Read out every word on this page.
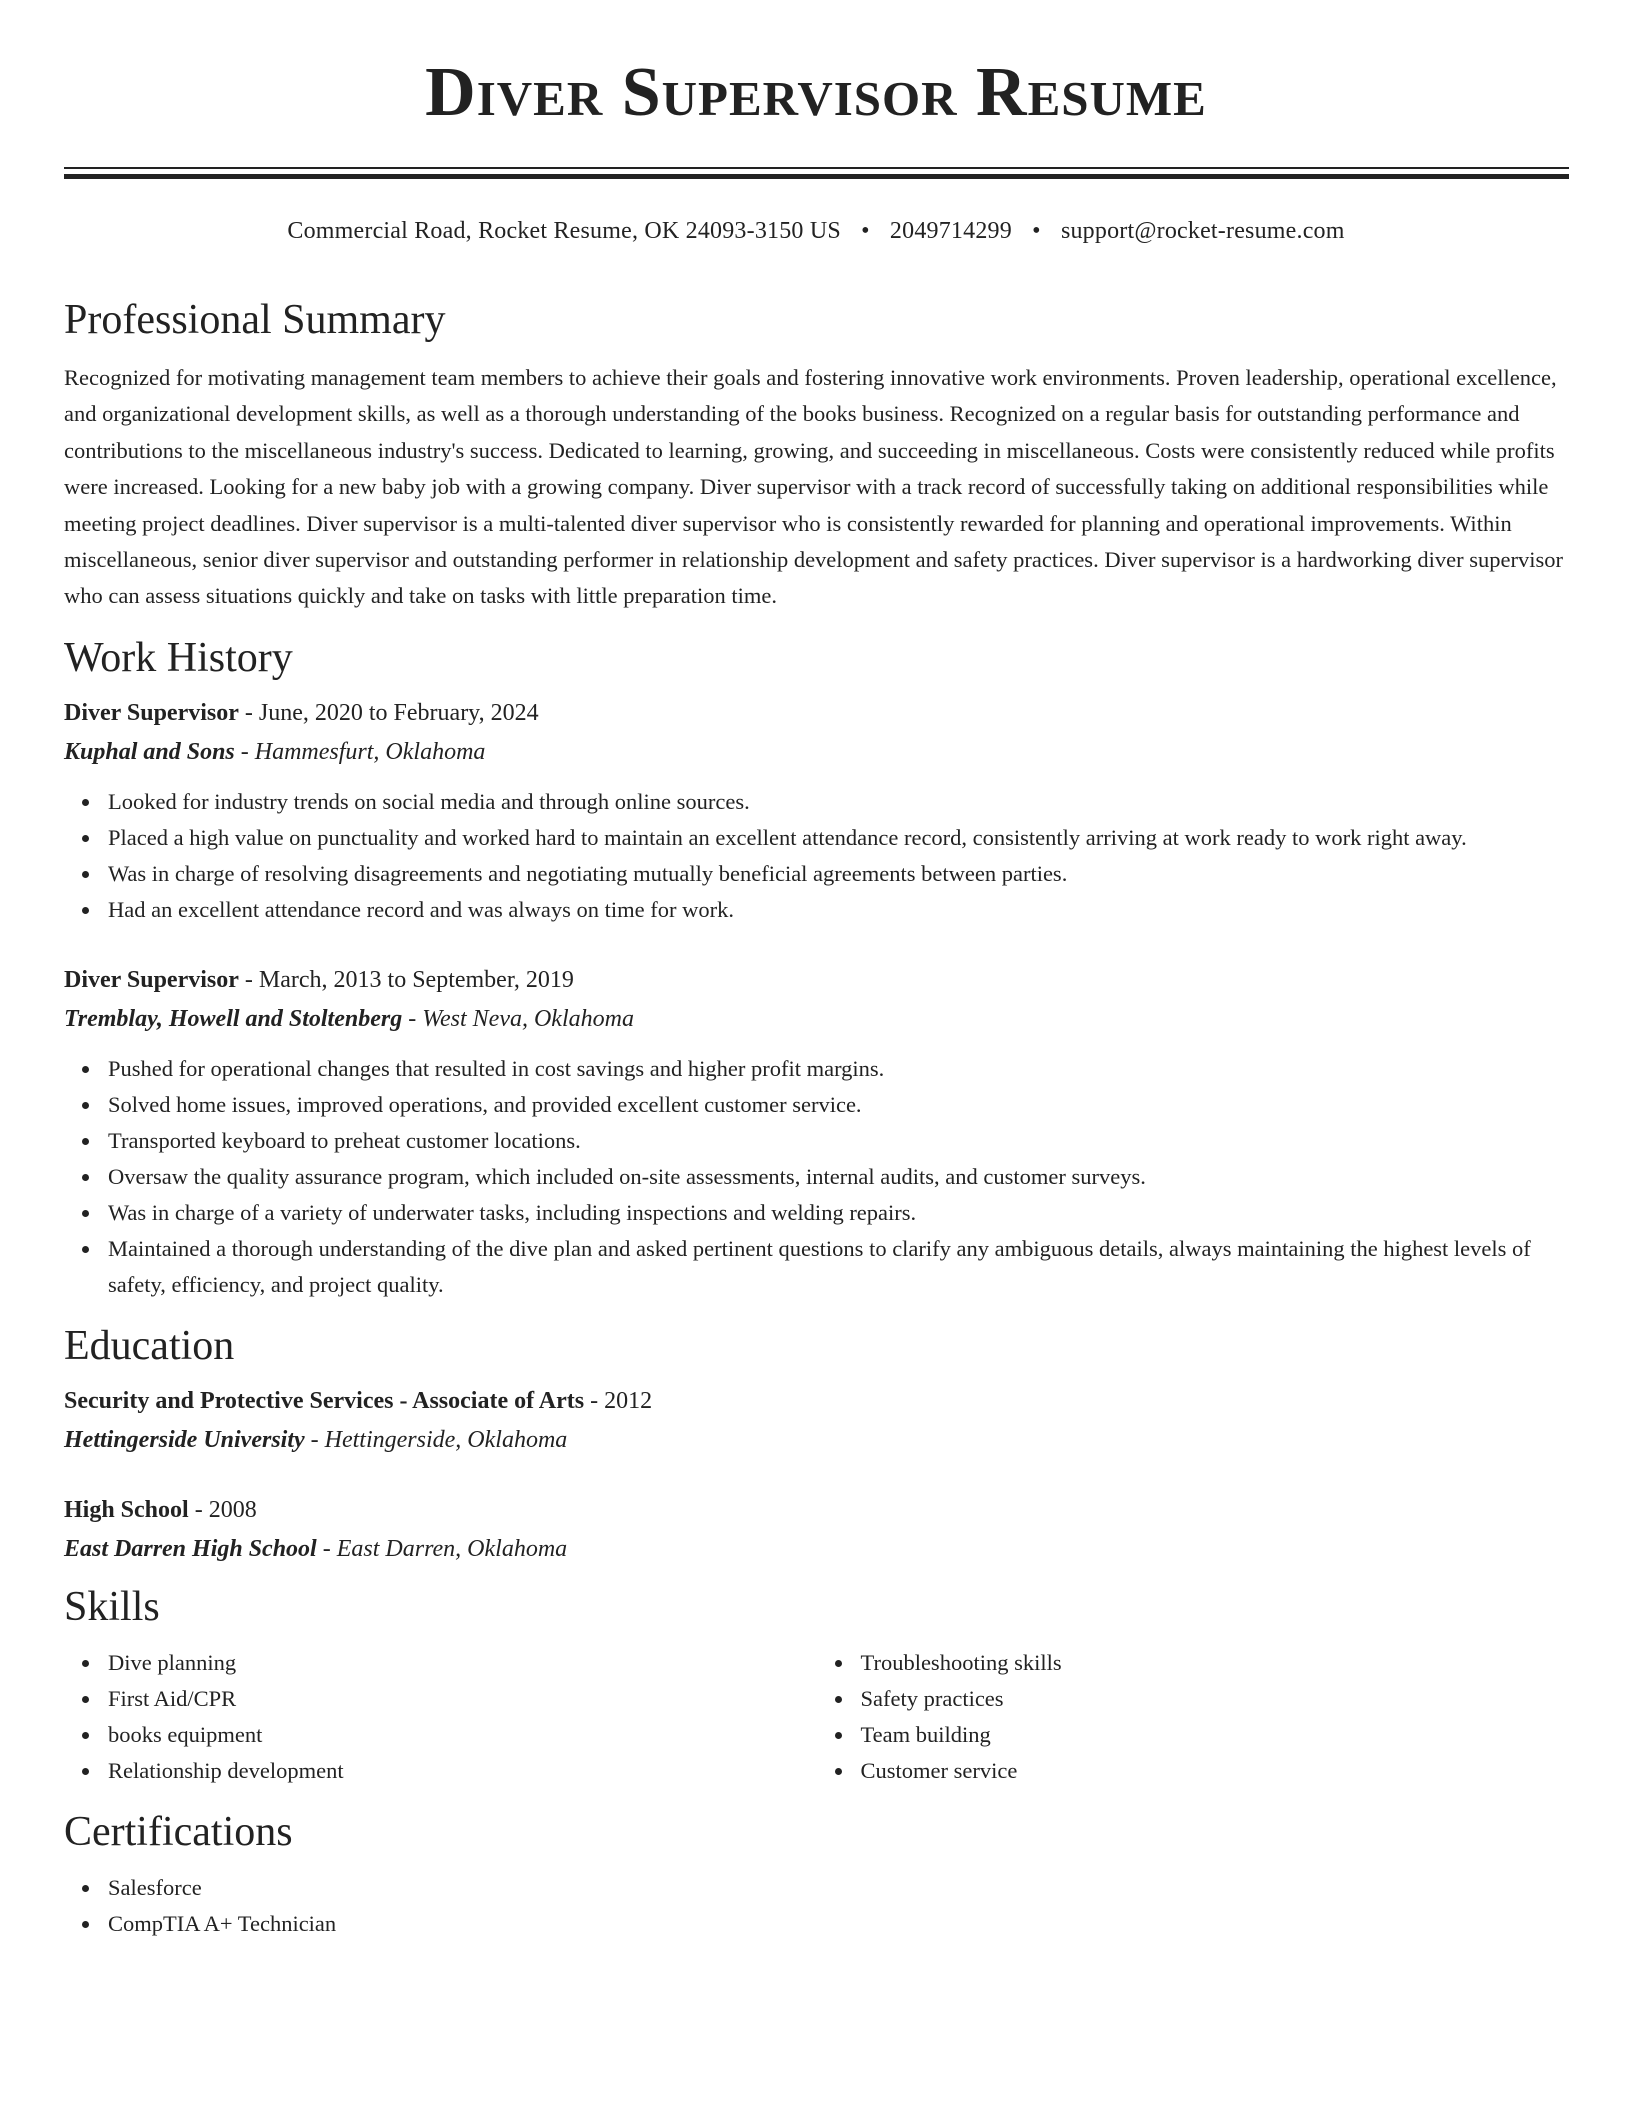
Diver Supervisor Resume
Commercial Road, Rocket Resume, OK 24093-3150 US • 2049714299 • support@rocket-resume.com
Professional Summary

Recognized for motivating management team members to achieve their goals and fostering innovative work environments. Proven leadership, operational excellence, and organizational development skills, as well as a thorough understanding of the books business. Recognized on a regular basis for outstanding performance and contributions to the miscellaneous industry's success. Dedicated to learning, growing, and succeeding in miscellaneous. Costs were consistently reduced while profits were increased. Looking for a new baby job with a growing company. Diver supervisor with a track record of successfully taking on additional responsibilities while meeting project deadlines. Diver supervisor is a multi-talented diver supervisor who is consistently rewarded for planning and operational improvements. Within miscellaneous, senior diver supervisor and outstanding performer in relationship development and safety practices. Diver supervisor is a hardworking diver supervisor who can assess situations quickly and take on tasks with little preparation time.

Work History

Diver Supervisor - June, 2020 to February, 2024

Kuphal and Sons - Hammesfurt, Oklahoma

Looked for industry trends on social media and through online sources.
Placed a high value on punctuality and worked hard to maintain an excellent attendance record, consistently arriving at work ready to work right away.
Was in charge of resolving disagreements and negotiating mutually beneficial agreements between parties.
Had an excellent attendance record and was always on time for work.

Diver Supervisor - March, 2013 to September, 2019

Tremblay, Howell and Stoltenberg - West Neva, Oklahoma

Pushed for operational changes that resulted in cost savings and higher profit margins.
Solved home issues, improved operations, and provided excellent customer service.
Transported keyboard to preheat customer locations.
Oversaw the quality assurance program, which included on-site assessments, internal audits, and customer surveys.
Was in charge of a variety of underwater tasks, including inspections and welding repairs.
Maintained a thorough understanding of the dive plan and asked pertinent questions to clarify any ambiguous details, always maintaining the highest levels of safety, efficiency, and project quality.
Education

Security and Protective Services - Associate of Arts - 2012

Hettingerside University - Hettingerside, Oklahoma

High School - 2008

East Darren High School - East Darren, Oklahoma

Skills
Dive planning
First Aid/CPR
books equipment
Relationship development
Troubleshooting skills
Safety practices
Team building
Customer service
Certifications
Salesforce
CompTIA A+ Technician
